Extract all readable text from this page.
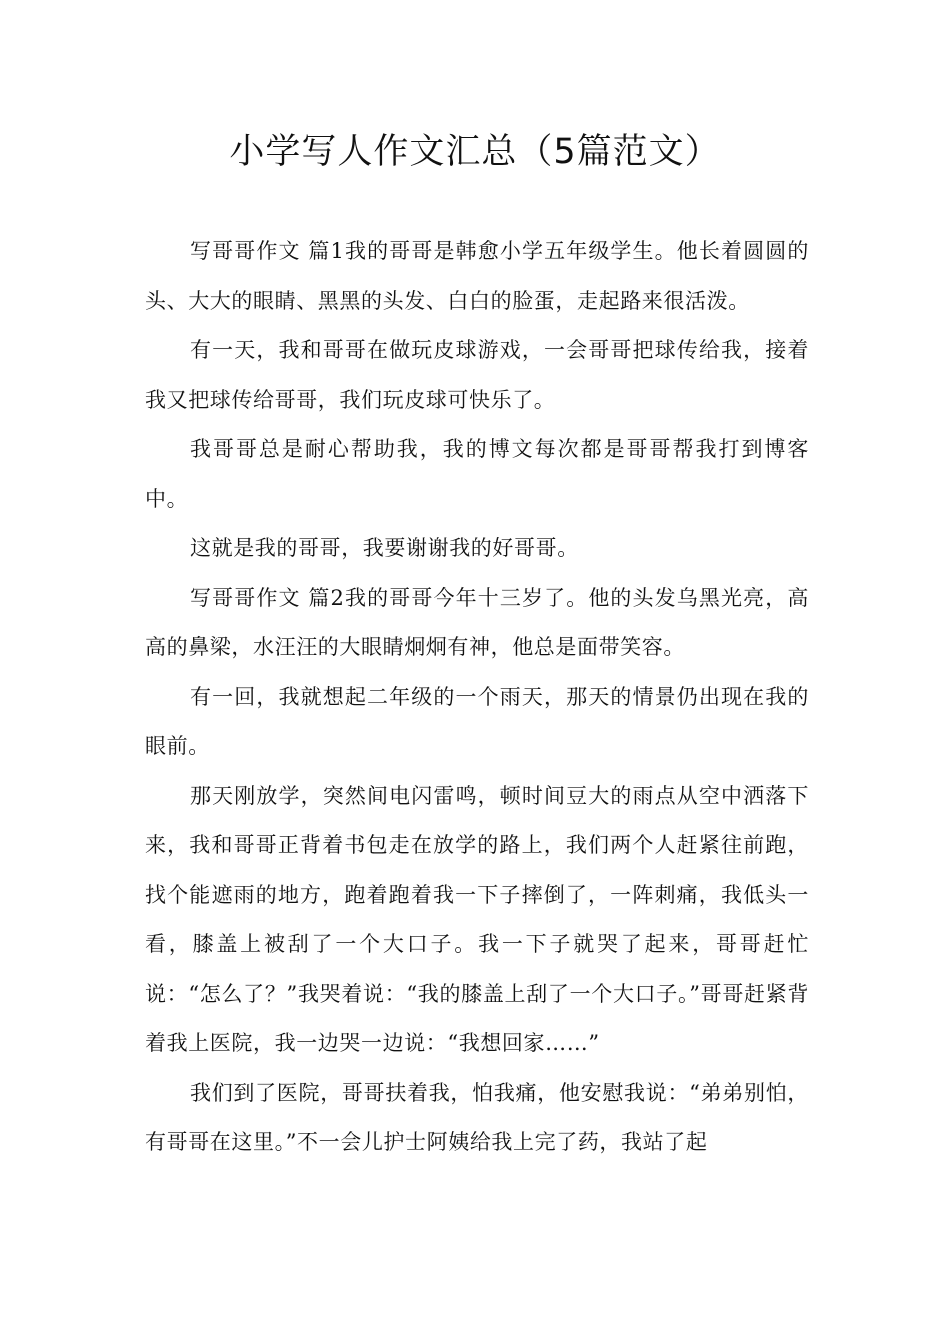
小学写人作文汇总（5篇范文）

写哥哥作文 篇1我的哥哥是韩愈小学五年级学生。他长着圆圆的头、大大的眼睛、黑黑的头发、白白的脸蛋，走起路来很活泼。

有一天，我和哥哥在做玩皮球游戏，一会哥哥把球传给我，接着我又把球传给哥哥，我们玩皮球可快乐了。

我哥哥总是耐心帮助我，我的博文每次都是哥哥帮我打到博客中。

这就是我的哥哥，我要谢谢我的好哥哥。

写哥哥作文 篇2我的哥哥今年十三岁了。他的头发乌黑光亮，高高的鼻梁，水汪汪的大眼睛炯炯有神，他总是面带笑容。

有一回，我就想起二年级的一个雨天，那天的情景仍出现在我的眼前。

那天刚放学，突然间电闪雷鸣，顿时间豆大的雨点从空中洒落下来，我和哥哥正背着书包走在放学的路上，我们两个人赶紧往前跑，找个能遮雨的地方，跑着跑着我一下子摔倒了，一阵刺痛，我低头一看，膝盖上被刮了一个大口子。我一下子就哭了起来，哥哥赶忙说：“怎么了？”我哭着说：“我的膝盖上刮了一个大口子。”哥哥赶紧背着我上医院，我一边哭一边说：“我想回家……”

我们到了医院，哥哥扶着我，怕我痛，他安慰我说：“弟弟别怕，有哥哥在这里。”不一会儿护士阿姨给我上完了药，我站了起
